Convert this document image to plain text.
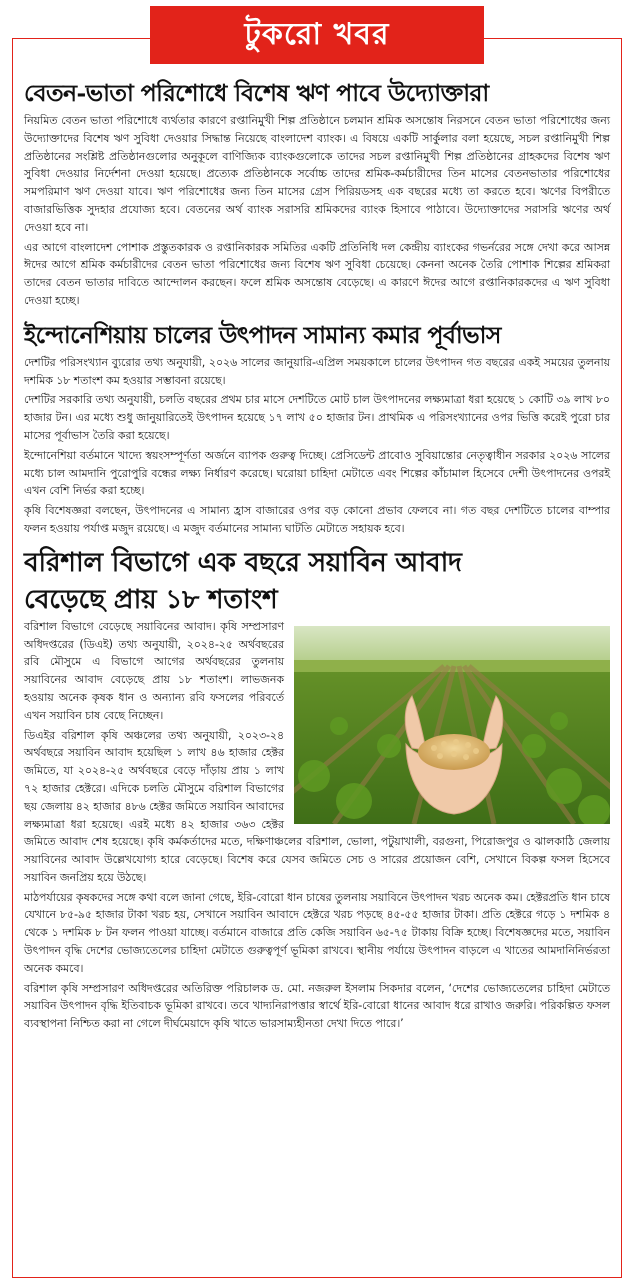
টুকরো খবর
বেতন-ভাতা পরিশোধে বিশেষ ঋণ পাবে উদ্যোক্তারা

নিয়মিত বেতন ভাতা পরিশোধে ব্যর্থতার কারণে রপ্তানিমুখী শিল্প প্রতিষ্ঠানে চলমান শ্রমিক অসন্তোষ নিরসনে বেতন ভাতা পরিশোধের জন্য উদ্যোক্তাদের বিশেষ ঋণ সুবিধা দেওয়ার সিদ্ধান্ত নিয়েছে বাংলাদেশ ব্যাংক। এ বিষয়ে একটি সার্কুলার বলা হয়েছে, সচল রপ্তানিমুখী শিল্প প্রতিষ্ঠানের সংশ্লিষ্ট প্রতিষ্ঠানগুলোর অনুকূলে বাণিজ্যিক ব্যাংকগুলোকে তাদের সচল রপ্তানিমুখী শিল্প প্রতিষ্ঠানের গ্রাহকদের বিশেষ ঋণ সুবিধা দেওয়ার নির্দেশনা দেওয়া হয়েছে। প্রত্যেক প্রতিষ্ঠানকে সর্বোচ্চ তাদের শ্রমিক-কর্মচারীদের তিন মাসের বেতনভাতার পরিশোধের সমপরিমাণ ঋণ দেওয়া যাবে। ঋণ পরিশোধের জন্য তিন মাসের গ্রেস পিরিয়ডসহ এক বছরের মধ্যে তা করতে হবে। ঋণের বিপরীতে বাজারভিত্তিক সুদহার প্রযোজ্য হবে। বেতনের অর্থ ব্যাংক সরাসরি শ্রমিকদের ব্যাংক হিসাবে পাঠাবে। উদ্যোক্তাদের সরাসরি ঋণের অর্থ দেওয়া হবে না।

এর আগে বাংলাদেশ পোশাক প্রস্তুতকারক ও রপ্তানিকারক সমিতির একটি প্রতিনিধি দল কেন্দ্রীয় ব্যাংকের গভর্নরের সঙ্গে দেখা করে আসন্ন ঈদের আগে শ্রমিক কর্মচারীদের বেতন ভাতা পরিশোধের জন্য বিশেষ ঋণ সুবিধা চেয়েছে। কেননা অনেক তৈরি পোশাক শিল্পের শ্রমিকরা তাদের বেতন ভাতার দাবিতে আন্দোলন করছেন। ফলে শ্রমিক অসন্তোষ বেড়েছে। এ কারণে ঈদের আগে রপ্তানিকারকদের এ ঋণ সুবিধা দেওয়া হচ্ছে।

ইন্দোনেশিয়ায় চালের উৎপাদন সামান্য কমার পূর্বাভাস

দেশটির পরিসংখ্যান ব্যুরোর তথ্য অনুযায়ী, ২০২৬ সালের জানুয়ারি-এপ্রিল সময়কালে চালের উৎপাদন গত বছরের একই সময়ের তুলনায় দশমিক ১৮ শতাংশ কম হওয়ার সম্ভাবনা রয়েছে।

দেশটির সরকারি তথ্য অনুযায়ী, চলতি বছরের প্রথম চার মাসে দেশটিতে মোট চাল উৎপাদনের লক্ষ্যমাত্রা ধরা হয়েছে ১ কোটি ৩৯ লাখ ৮০ হাজার টন। এর মধ্যে শুধু জানুয়ারিতেই উৎপাদন হয়েছে ১৭ লাখ ৫০ হাজার টন। প্রাথমিক এ পরিসংখ্যানের ওপর ভিত্তি করেই পুরো চার মাসের পূর্বাভাস তৈরি করা হয়েছে।

ইন্দোনেশিয়া বর্তমানে খাদ্যে স্বয়ংসম্পূর্ণতা অর্জনে ব্যাপক গুরুত্ব দিচ্ছে। প্রেসিডেন্ট প্রাবোও সুবিয়ান্তোর নেতৃত্বাধীন সরকার ২০২৬ সালের মধ্যে চাল আমদানি পুরোপুরি বন্ধের লক্ষ্য নির্ধারণ করেছে। ঘরোয়া চাহিদা মেটাতে এবং শিল্পের কাঁচামাল হিসেবে দেশী উৎপাদনের ওপরই এখন বেশি নির্ভর করা হচ্ছে।

কৃষি বিশেষজ্ঞরা বলছেন, উৎপাদনের এ সামান্য হ্রাস বাজারের ওপর বড় কোনো প্রভাব ফেলবে না। গত বছর দেশটিতে চালের বাম্পার ফলন হওয়ায় পর্যাপ্ত মজুদ রয়েছে। এ মজুদ বর্তমানের সামান্য ঘাটতি মেটাতে সহায়ক হবে।

বরিশাল বিভাগে এক বছরে সয়াবিন আবাদ
বেড়েছে প্রায় ১৮ শতাংশ

বরিশাল বিভাগে বেড়েছে সয়াবিনের আবাদ। কৃষি সম্প্রসারণ অধিদপ্তরের (ডিএই) তথ্য অনুযায়ী, ২০২৪-২৫ অর্থবছরের রবি মৌসুমে এ বিভাগে আগের অর্থবছরের তুলনায় সয়াবিনের আবাদ বেড়েছে প্রায় ১৮ শতাংশ। লাভজনক হওয়ায় অনেক কৃষক ধান ও অন্যান্য রবি ফসলের পরিবর্তে এখন সয়াবিন চাষ বেছে নিচ্ছেন।

ডিএইর বরিশাল কৃষি অঞ্চলের তথ্য অনুযায়ী, ২০২৩-২৪ অর্থবছরে সয়াবিন আবাদ হয়েছিল ১ লাখ ৪৬ হাজার হেক্টর জমিতে, যা ২০২৪-২৫ অর্থবছরে বেড়ে দাঁড়ায় প্রায় ১ লাখ ৭২ হাজার হেক্টরে। এদিকে চলতি মৌসুমে বরিশাল বিভাগের ছয় জেলায় ৪২ হাজার ৪৮৬ হেক্টর জমিতে সয়াবিন আবাদের লক্ষ্যমাত্রা ধরা হয়েছে। এরই মধ্যে ৪২ হাজার ৩৬৩ হেক্টর জমিতে আবাদ শেষ হয়েছে। কৃষি কর্মকর্তাদের মতে, দক্ষিণাঞ্চলের বরিশাল, ভোলা, পটুয়াখালী, বরগুনা, পিরোজপুর ও ঝালকাঠি জেলায় সয়াবিনের আবাদ উল্লেখযোগ্য হারে বেড়েছে। বিশেষ করে যেসব জমিতে সেচ ও সারের প্রয়োজন বেশি, সেখানে বিকল্প ফসল হিসেবে সয়াবিন জনপ্রিয় হয়ে উঠছে।

মাঠপর্যায়ের কৃষকদের সঙ্গে কথা বলে জানা গেছে, ইরি-বোরো ধান চাষের তুলনায় সয়াবিনে উৎপাদন খরচ অনেক কম। হেক্টরপ্রতি ধান চাষে যেখানে ৮৫-৯৫ হাজার টাকা খরচ হয়, সেখানে সয়াবিন আবাদে হেক্টরে খরচ পড়ছে ৪৫-৫৫ হাজার টাকা। প্রতি হেক্টরে গড়ে ১ দশমিক ৪ থেকে ১ দশমিক ৮ টন ফলন পাওয়া যাচ্ছে। বর্তমানে বাজারে প্রতি কেজি সয়াবিন ৬৫-৭৫ টাকায় বিক্রি হচ্ছে। বিশেষজ্ঞদের মতে, সয়াবিন উৎপাদন বৃদ্ধি দেশের ভোজ্যতেলের চাহিদা মেটাতে গুরুত্বপূর্ণ ভূমিকা রাখবে। স্থানীয় পর্যায়ে উৎপাদন বাড়লে এ খাতের আমদানিনির্ভরতা অনেক কমবে।

বরিশাল কৃষি সম্প্রসারণ অধিদপ্তরের অতিরিক্ত পরিচালক ড. মো. নজরুল ইসলাম সিকদার বলেন, ‘দেশের ভোজ্যতেলের চাহিদা মেটাতে সয়াবিন উৎপাদন বৃদ্ধি ইতিবাচক ভূমিকা রাখবে। তবে খাদ্যনিরাপত্তার স্বার্থে ইরি-বোরো ধানের আবাদ ধরে রাখাও জরুরি। পরিকল্পিত ফসল ব্যবস্থাপনা নিশ্চিত করা না গেলে দীর্ঘমেয়াদে কৃষি খাতে ভারসাম্যহীনতা দেখা দিতে পারে।’
